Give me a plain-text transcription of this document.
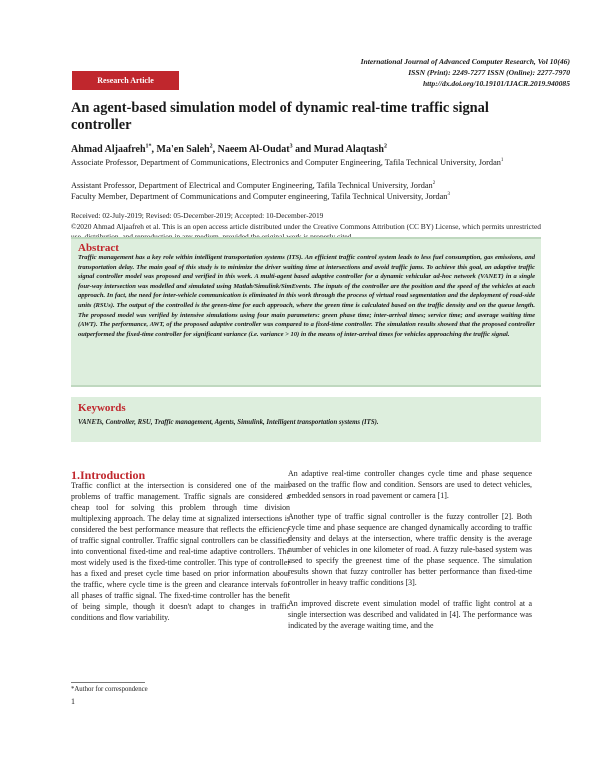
International Journal of Advanced Computer Research, Vol 10(46)
ISSN (Print): 2249-7277 ISSN (Online): 2277-7970
http://dx.doi.org/10.19101/IJACR.2019.940085
Research Article
An agent-based simulation model of dynamic real-time traffic signal controller
Ahmad Aljaafreh$^{1*}$, Ma'en Saleh$^2$, Naeem Al-Oudat$^3$ and Murad Alaqtash$^2$
Associate Professor, Department of Communications, Electronics and Computer Engineering, Tafila Technical University, Jordan$^1$
Assistant Professor, Department of Electrical and Computer Engineering, Tafila Technical University, Jordan$^2$
Faculty Member, Department of Communications and Computer engineering, Tafila Technical University, Jordan$^3$
Received: 02-July-2019; Revised: 05-December-2019; Accepted: 10-December-2019
©2020 Ahmad Aljaafreh et al. This is an open access article distributed under the Creative Commons Attribution (CC BY) License, which permits unrestricted
Abstract
Traffic management has a key role within intelligent transportation systems (ITS). An efficient traffic control system leads to less fuel consumption, gas emissions, and transportation delay. The main goal of this study is to minimize the driver waiting time at intersections and avoid traffic jams. To achieve this goal, an adaptive traffic signal controller model was proposed and verified in this work. A multi-agent based adaptive controller for a dynamic vehicular ad-hoc network (VANET) in a single four-way intersection was modelled and simulated using Matlab/Simulink/SimEvents. The inputs of the controller are the position and the speed of the vehicles at each approach. In fact, the need for inter-vehicle communication is eliminated in this work through the process of virtual road segmentation and the deployment of road-side units (RSUs). The output of the controlled is the green-time for each approach, where the green time is calculated based on the traffic density and on the queue length. The proposed model was verified by intensive simulations using four main parameters: green phase time; inter-arrival times; service time; and average waiting time (AWT). The performance, AWT, of the proposed adaptive controller was compared to a fixed-time controller. The simulation results showed that the proposed controller outperformed the fixed-time controller for significant variance (i.e. variance > 10) in the means of inter-arrival times for vehicles approaching the traffic signal.
Keywords
VANETs, Controller, RSU, Traffic management, Agents, Simulink, Intelligent transportation systems (ITS).
1.Introduction

Traffic conflict at the intersection is considered one of the main problems of traffic management. Traffic signals are considered a cheap tool for solving this problem through time division multiplexing approach. The delay time at signalized intersections is considered the best performance measure that reflects the efficiency of traffic signal controller. Traffic signal controllers can be classified into conventional fixed-time and real-time adaptive controllers. The most widely used is the fixed-time controller. This type of controller has a fixed and preset cycle time based on prior information about the traffic, where cycle time is the green and clearance intervals for all phases of traffic signal. The fixed-time controller has the benefit of being simple, though it doesn't adapt to changes in traffic conditions and flow variability.

An adaptive real-time controller changes cycle time and phase sequence based on the traffic flow and condition. Sensors are used to detect vehicles, embedded sensors in road pavement or camera [1].

Another type of traffic signal controller is the fuzzy controller [2]. Both cycle time and phase sequence are changed dynamically according to traffic density and delays at the intersection, where traffic density is the average number of vehicles in one kilometer of road. A fuzzy rule-based system was used to specify the greenest time of the phase sequence. The simulation results shown that fuzzy controller has better performance than fixed-time controller in heavy traffic conditions [3].

An improved discrete event simulation model of traffic light control at a single intersection was described and validated in [4]. The performance was indicated by the average waiting time, and the

*Author for correspondence
1
